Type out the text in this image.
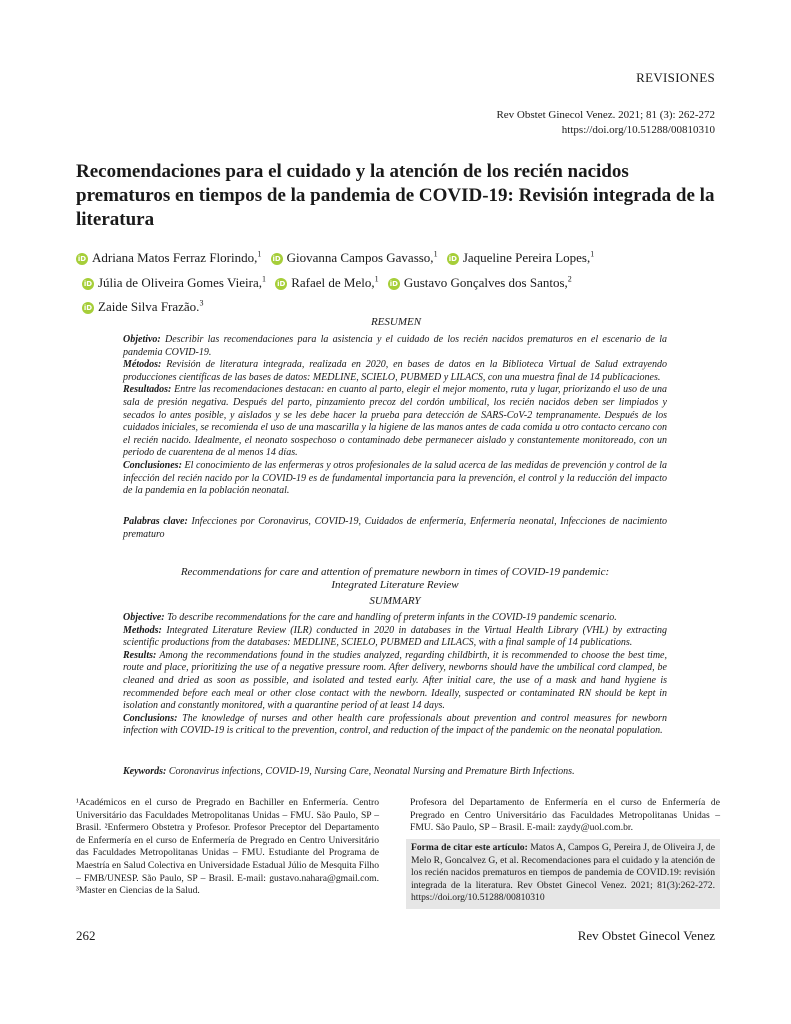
REVISIONES
Rev Obstet Ginecol Venez. 2021; 81 (3): 262-272
https://doi.org/10.51288/00810310
Recomendaciones para el cuidado y la atención de los recién nacidos prematuros en tiempos de la pandemia de COVID-19: Revisión integrada de la literatura
iD Adriana Matos Ferraz Florindo,$^1$ iD Giovanna Campos Gavasso,$^1$ iD Jaqueline Pereira Lopes,$^1$
iD Júlia de Oliveira Gomes Vieira,$^1$ iD Rafael de Melo,$^1$ iD Gustavo Gonçalves dos Santos,$^2$
iD Zaide Silva Frazão.$^3$
RESUMEN
Objetivo: Describir las recomendaciones para la asistencia y el cuidado de los recién nacidos prematuros en el escenario de la pandemia COVID-19.
Métodos: Revisión de literatura integrada, realizada en 2020, en bases de datos en la Biblioteca Virtual de Salud extrayendo producciones científicas de las bases de datos: MEDLINE, SCIELO, PUBMED y LILACS, con una muestra final de 14 publicaciones.
Resultados: Entre las recomendaciones destacan: en cuanto al parto, elegir el mejor momento, ruta y lugar, priorizando el uso de una sala de presión negativa. Después del parto, pinzamiento precoz del cordón umbilical, los recién nacidos deben ser limpiados y secados lo antes posible, y aislados y se les debe hacer la prueba para detección de SARS-CoV-2 tempranamente. Después de los cuidados iniciales, se recomienda el uso de una mascarilla y la higiene de las manos antes de cada comida u otro contacto cercano con el recién nacido. Idealmente, el neonato sospechoso o contaminado debe permanecer aislado y constantemente monitoreado, con un periodo de cuarentena de al menos 14 días.
Conclusiones: El conocimiento de las enfermeras y otros profesionales de la salud acerca de las medidas de prevención y control de la infección del recién nacido por la COVID-19 es de fundamental importancia para la prevención, el control y la reducción del impacto de la pandemia en la población neonatal.
Palabras clave: Infecciones por Coronavirus, COVID-19, Cuidados de enfermería, Enfermería neonatal, Infecciones de nacimiento prematuro
Recommendations for care and attention of premature newborn in times of COVID-19 pandemic:
Integrated Literature Review
SUMMARY
Objective: To describe recommendations for the care and handling of preterm infants in the COVID-19 pandemic scenario.
Methods: Integrated Literature Review (ILR) conducted in 2020 in databases in the Virtual Health Library (VHL) by extracting scientific productions from the databases: MEDLINE, SCIELO, PUBMED and LILACS, with a final sample of 14 publications.
Results: Among the recommendations found in the studies analyzed, regarding childbirth, it is recommended to choose the best time, route and place, prioritizing the use of a negative pressure room. After delivery, newborns should have the umbilical cord clamped, be cleaned and dried as soon as possible, and isolated and tested early. After initial care, the use of a mask and hand hygiene is recommended before each meal or other close contact with the newborn. Ideally, suspected or contaminated RN should be kept in isolation and constantly monitored, with a quarantine period of at least 14 days.
Conclusions: The knowledge of nurses and other health care professionals about prevention and control measures for newborn infection with COVID-19 is critical to the prevention, control, and reduction of the impact of the pandemic on the neonatal population.
Keywords: Coronavirus infections, COVID-19, Nursing Care, Neonatal Nursing and Premature Birth Infections.
¹Académicos en el curso de Pregrado en Bachiller en Enfermería. Centro Universitário das Faculdades Metropolitanas Unidas – FMU. São Paulo, SP – Brasil. ²Enfermero Obstetra y Profesor. Profesor Preceptor del Departamento de Enfermería en el curso de Enfermería de Pregrado en Centro Universitário das Faculdades Metropolitanas Unidas – FMU. Estudiante del Programa de Maestría en Salud Colectiva en Universidade Estadual Júlio de Mesquita Filho – FMB/UNESP. São Paulo, SP – Brasil. E-mail: gustavo.nahara@gmail.com. ³Master en Ciencias de la Salud.
Profesora del Departamento de Enfermería en el curso de Enfermería de Pregrado en Centro Universitário das Faculdades Metropolitanas Unidas – FMU. São Paulo, SP – Brasil. E-mail: zaydy@uol.com.br.
Forma de citar este artículo: Matos A, Campos G, Pereira J, de Oliveira J, de Melo R, Goncalvez G, et al. Recomendaciones para el cuidado y la atención de los recién nacidos prematuros en tiempos de pandemia de COVID.19: revisión integrada de la literatura. Rev Obstet Ginecol Venez. 2021; 81(3):262-272. https://doi.org/10.51288/00810310
262	Rev Obstet Ginecol Venez
